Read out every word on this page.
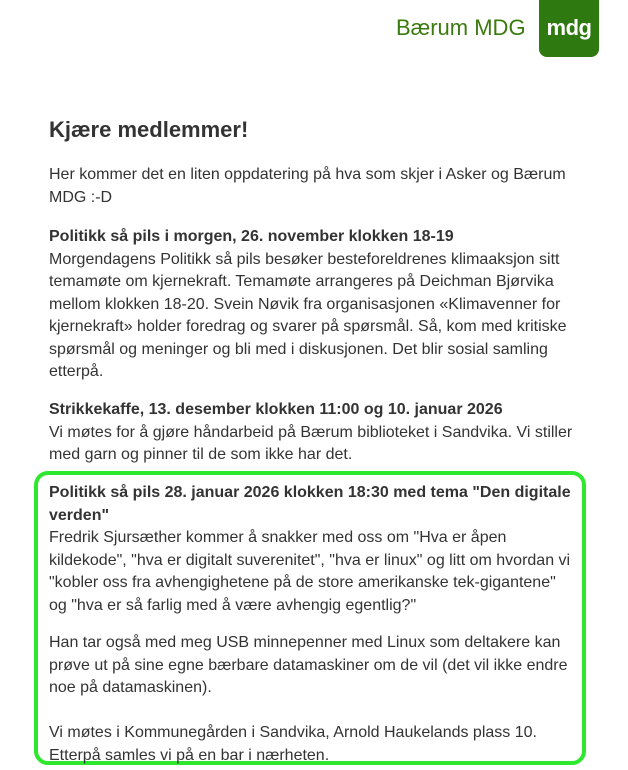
Bærum MDG mdg
Kjære medlemmer!

Her kommer det en liten oppdatering på hva som skjer i Asker og Bærum MDG :-D

Politikk så pils i morgen, 26. november klokken 18-19
Morgendagens Politikk så pils besøker besteforeldrenes klimaaksjon sitt temamøte om kjernekraft. Temamøte arrangeres på Deichman Bjørvika mellom klokken 18-20. Svein Nøvik fra organisasjonen «Klimavenner for kjernekraft» holder foredrag og svarer på spørsmål. Så, kom med kritiske spørsmål og meninger og bli med i diskusjonen. Det blir sosial samling etterpå.
Strikkekaffe, 13. desember klokken 11:00 og 10. januar 2026
Vi møtes for å gjøre håndarbeid på Bærum biblioteket i Sandvika. Vi stiller med garn og pinner til de som ikke har det.
Politikk så pils 28. januar 2026 klokken 18:30 med tema "Den digitale verden"
Fredrik Sjursæther kommer å snakker med oss om "Hva er åpen kildekode", "hva er digitalt suverenitet", "hva er linux" og litt om hvordan vi "kobler oss fra avhengighetene på de store amerikanske tek-gigantene" og "hva er så farlig med å være avhengig egentlig?"

Han tar også med meg USB minnepenner med Linux som deltakere kan prøve ut på sine egne bærbare datamaskiner om de vil (det vil ikke endre noe på datamaskinen).

Vi møtes i Kommunegården i Sandvika, Arnold Haukelands plass 10. Etterpå samles vi på en bar i nærheten.
